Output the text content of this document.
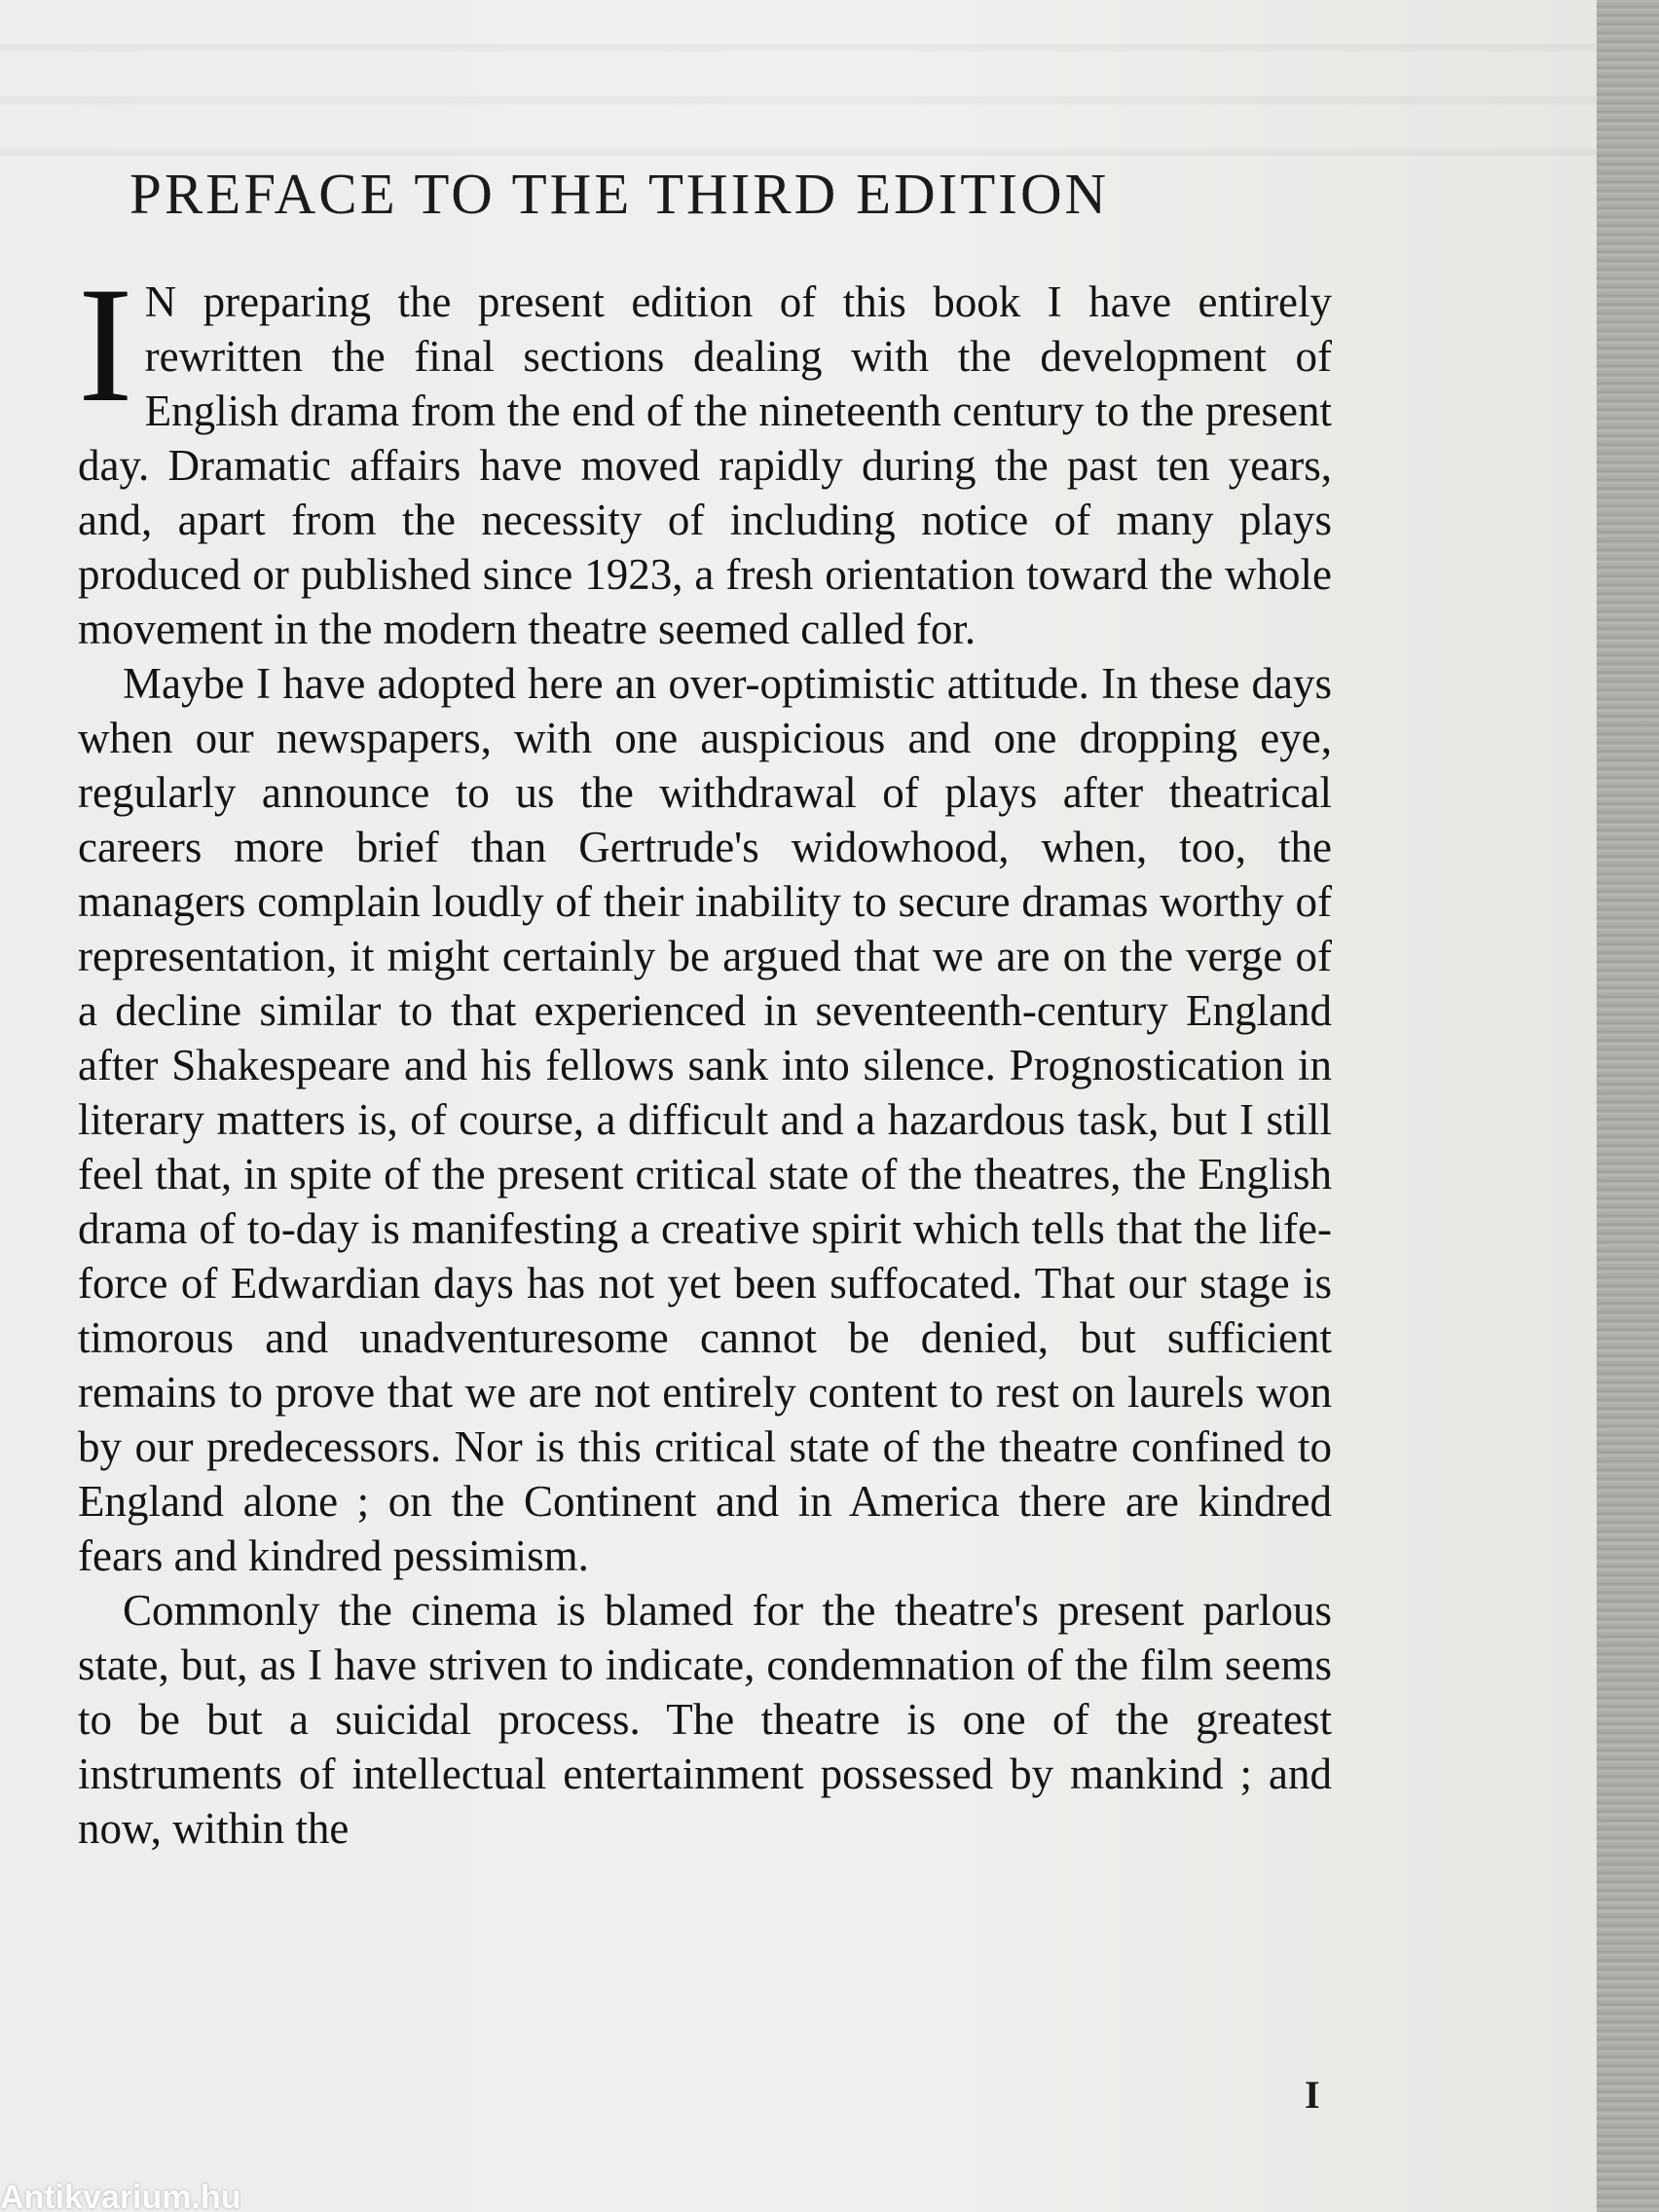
PREFACE TO THE THIRD EDITION

I N preparing the present edition of this book I have entirely rewritten the final sections dealing with the development of English drama from the end of the nineteenth century to the present day. Dramatic affairs have moved rapidly during the past ten years, and, apart from the necessity of including notice of many plays produced or published since 1923, a fresh orientation toward the whole movement in the modern theatre seemed called for.

Maybe I have adopted here an over-optimistic attitude. In these days when our newspapers, with one auspicious and one dropping eye, regularly announce to us the withdrawal of plays after theatrical careers more brief than Gertrude's widowhood, when, too, the managers complain loudly of their inability to secure dramas worthy of representation, it might certainly be argued that we are on the verge of a decline similar to that experienced in seventeenth-century England after Shakespeare and his fellows sank into silence. Prognostication in literary matters is, of course, a difficult and a hazardous task, but I still feel that, in spite of the present critical state of the theatres, the English drama of to-day is manifesting a creative spirit which tells that the life-force of Edwardian days has not yet been suffocated. That our stage is timorous and unadventuresome cannot be denied, but sufficient remains to prove that we are not entirely content to rest on laurels won by our predecessors. Nor is this critical state of the theatre confined to England alone ; on the Continent and in America there are kindred fears and kindred pessimism.

Commonly the cinema is blamed for the theatre's present parlous state, but, as I have striven to indicate, condemnation of the film seems to be but a suicidal process. The theatre is one of the greatest instruments of intellectual entertainment possessed by mankind ; and now, within the

I
Antikvarium.hu
